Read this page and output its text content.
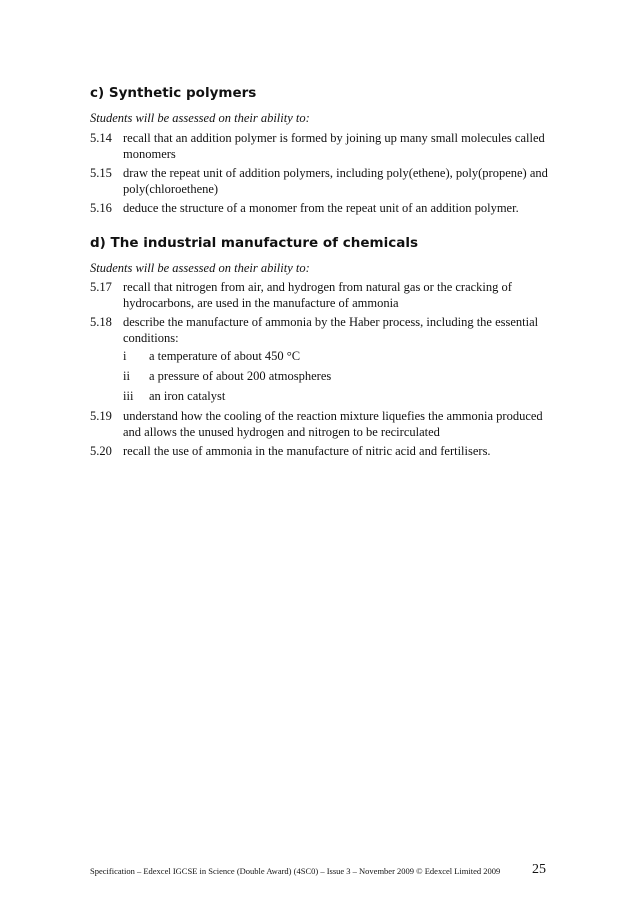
c) Synthetic polymers

Students will be assessed on their ability to:

5.14 recall that an addition polymer is formed by joining up many small molecules called monomers
5.15 draw the repeat unit of addition polymers, including poly(ethene), poly(propene) and poly(chloroethene)
5.16 deduce the structure of a monomer from the repeat unit of an addition polymer.
d) The industrial manufacture of chemicals

Students will be assessed on their ability to:

5.17 recall that nitrogen from air, and hydrogen from natural gas or the cracking of hydrocarbons, are used in the manufacture of ammonia
5.18 describe the manufacture of ammonia by the Haber process, including the essential conditions:
i	a temperature of about 450 °C
ii	a pressure of about 200 atmospheres
iii	an iron catalyst
5.19 understand how the cooling of the reaction mixture liquefies the ammonia produced and allows the unused hydrogen and nitrogen to be recirculated
5.20 recall the use of ammonia in the manufacture of nitric acid and fertilisers.
Specification – Edexcel IGCSE in Science (Double Award) (4SC0) – Issue 3 – November 2009 © Edexcel Limited 2009 25
